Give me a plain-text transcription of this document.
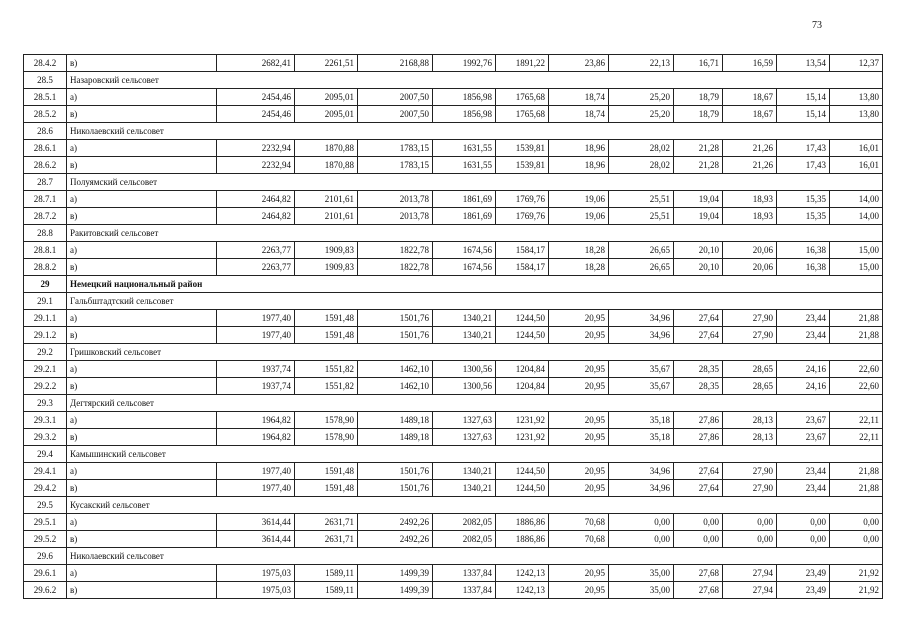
73
28.4.2	в)	2682,41	2261,51	2168,88	1992,76	1891,22	23,86	22,13	16,71	16,59	13,54	12,37
28.5	Назаровский сельсовет											
28.5.1	а)	2454,46	2095,01	2007,50	1856,98	1765,68	18,74	25,20	18,79	18,67	15,14	13,80
28.5.2	в)	2454,46	2095,01	2007,50	1856,98	1765,68	18,74	25,20	18,79	18,67	15,14	13,80
28.6	Николаевский сельсовет											
28.6.1	а)	2232,94	1870,88	1783,15	1631,55	1539,81	18,96	28,02	21,28	21,26	17,43	16,01
28.6.2	в)	2232,94	1870,88	1783,15	1631,55	1539,81	18,96	28,02	21,28	21,26	17,43	16,01
28.7	Полуямский сельсовет											
28.7.1	а)	2464,82	2101,61	2013,78	1861,69	1769,76	19,06	25,51	19,04	18,93	15,35	14,00
28.7.2	в)	2464,82	2101,61	2013,78	1861,69	1769,76	19,06	25,51	19,04	18,93	15,35	14,00
28.8	Ракитовский сельсовет											
28.8.1	а)	2263,77	1909,83	1822,78	1674,56	1584,17	18,28	26,65	20,10	20,06	16,38	15,00
28.8.2	в)	2263,77	1909,83	1822,78	1674,56	1584,17	18,28	26,65	20,10	20,06	16,38	15,00
29	Немецкий национальный район											
29.1	Гальбштадтский сельсовет											
29.1.1	а)	1977,40	1591,48	1501,76	1340,21	1244,50	20,95	34,96	27,64	27,90	23,44	21,88
29.1.2	в)	1977,40	1591,48	1501,76	1340,21	1244,50	20,95	34,96	27,64	27,90	23,44	21,88
29.2	Гришковский сельсовет											
29.2.1	а)	1937,74	1551,82	1462,10	1300,56	1204,84	20,95	35,67	28,35	28,65	24,16	22,60
29.2.2	в)	1937,74	1551,82	1462,10	1300,56	1204,84	20,95	35,67	28,35	28,65	24,16	22,60
29.3	Дегтярский сельсовет											
29.3.1	а)	1964,82	1578,90	1489,18	1327,63	1231,92	20,95	35,18	27,86	28,13	23,67	22,11
29.3.2	в)	1964,82	1578,90	1489,18	1327,63	1231,92	20,95	35,18	27,86	28,13	23,67	22,11
29.4	Камышинский сельсовет											
29.4.1	а)	1977,40	1591,48	1501,76	1340,21	1244,50	20,95	34,96	27,64	27,90	23,44	21,88
29.4.2	в)	1977,40	1591,48	1501,76	1340,21	1244,50	20,95	34,96	27,64	27,90	23,44	21,88
29.5	Кусакский сельсовет											
29.5.1	а)	3614,44	2631,71	2492,26	2082,05	1886,86	70,68	0,00	0,00	0,00	0,00	0,00
29.5.2	в)	3614,44	2631,71	2492,26	2082,05	1886,86	70,68	0,00	0,00	0,00	0,00	0,00
29.6	Николаевский сельсовет											
29.6.1	а)	1975,03	1589,11	1499,39	1337,84	1242,13	20,95	35,00	27,68	27,94	23,49	21,92
29.6.2	в)	1975,03	1589,11	1499,39	1337,84	1242,13	20,95	35,00	27,68	27,94	23,49	21,92
